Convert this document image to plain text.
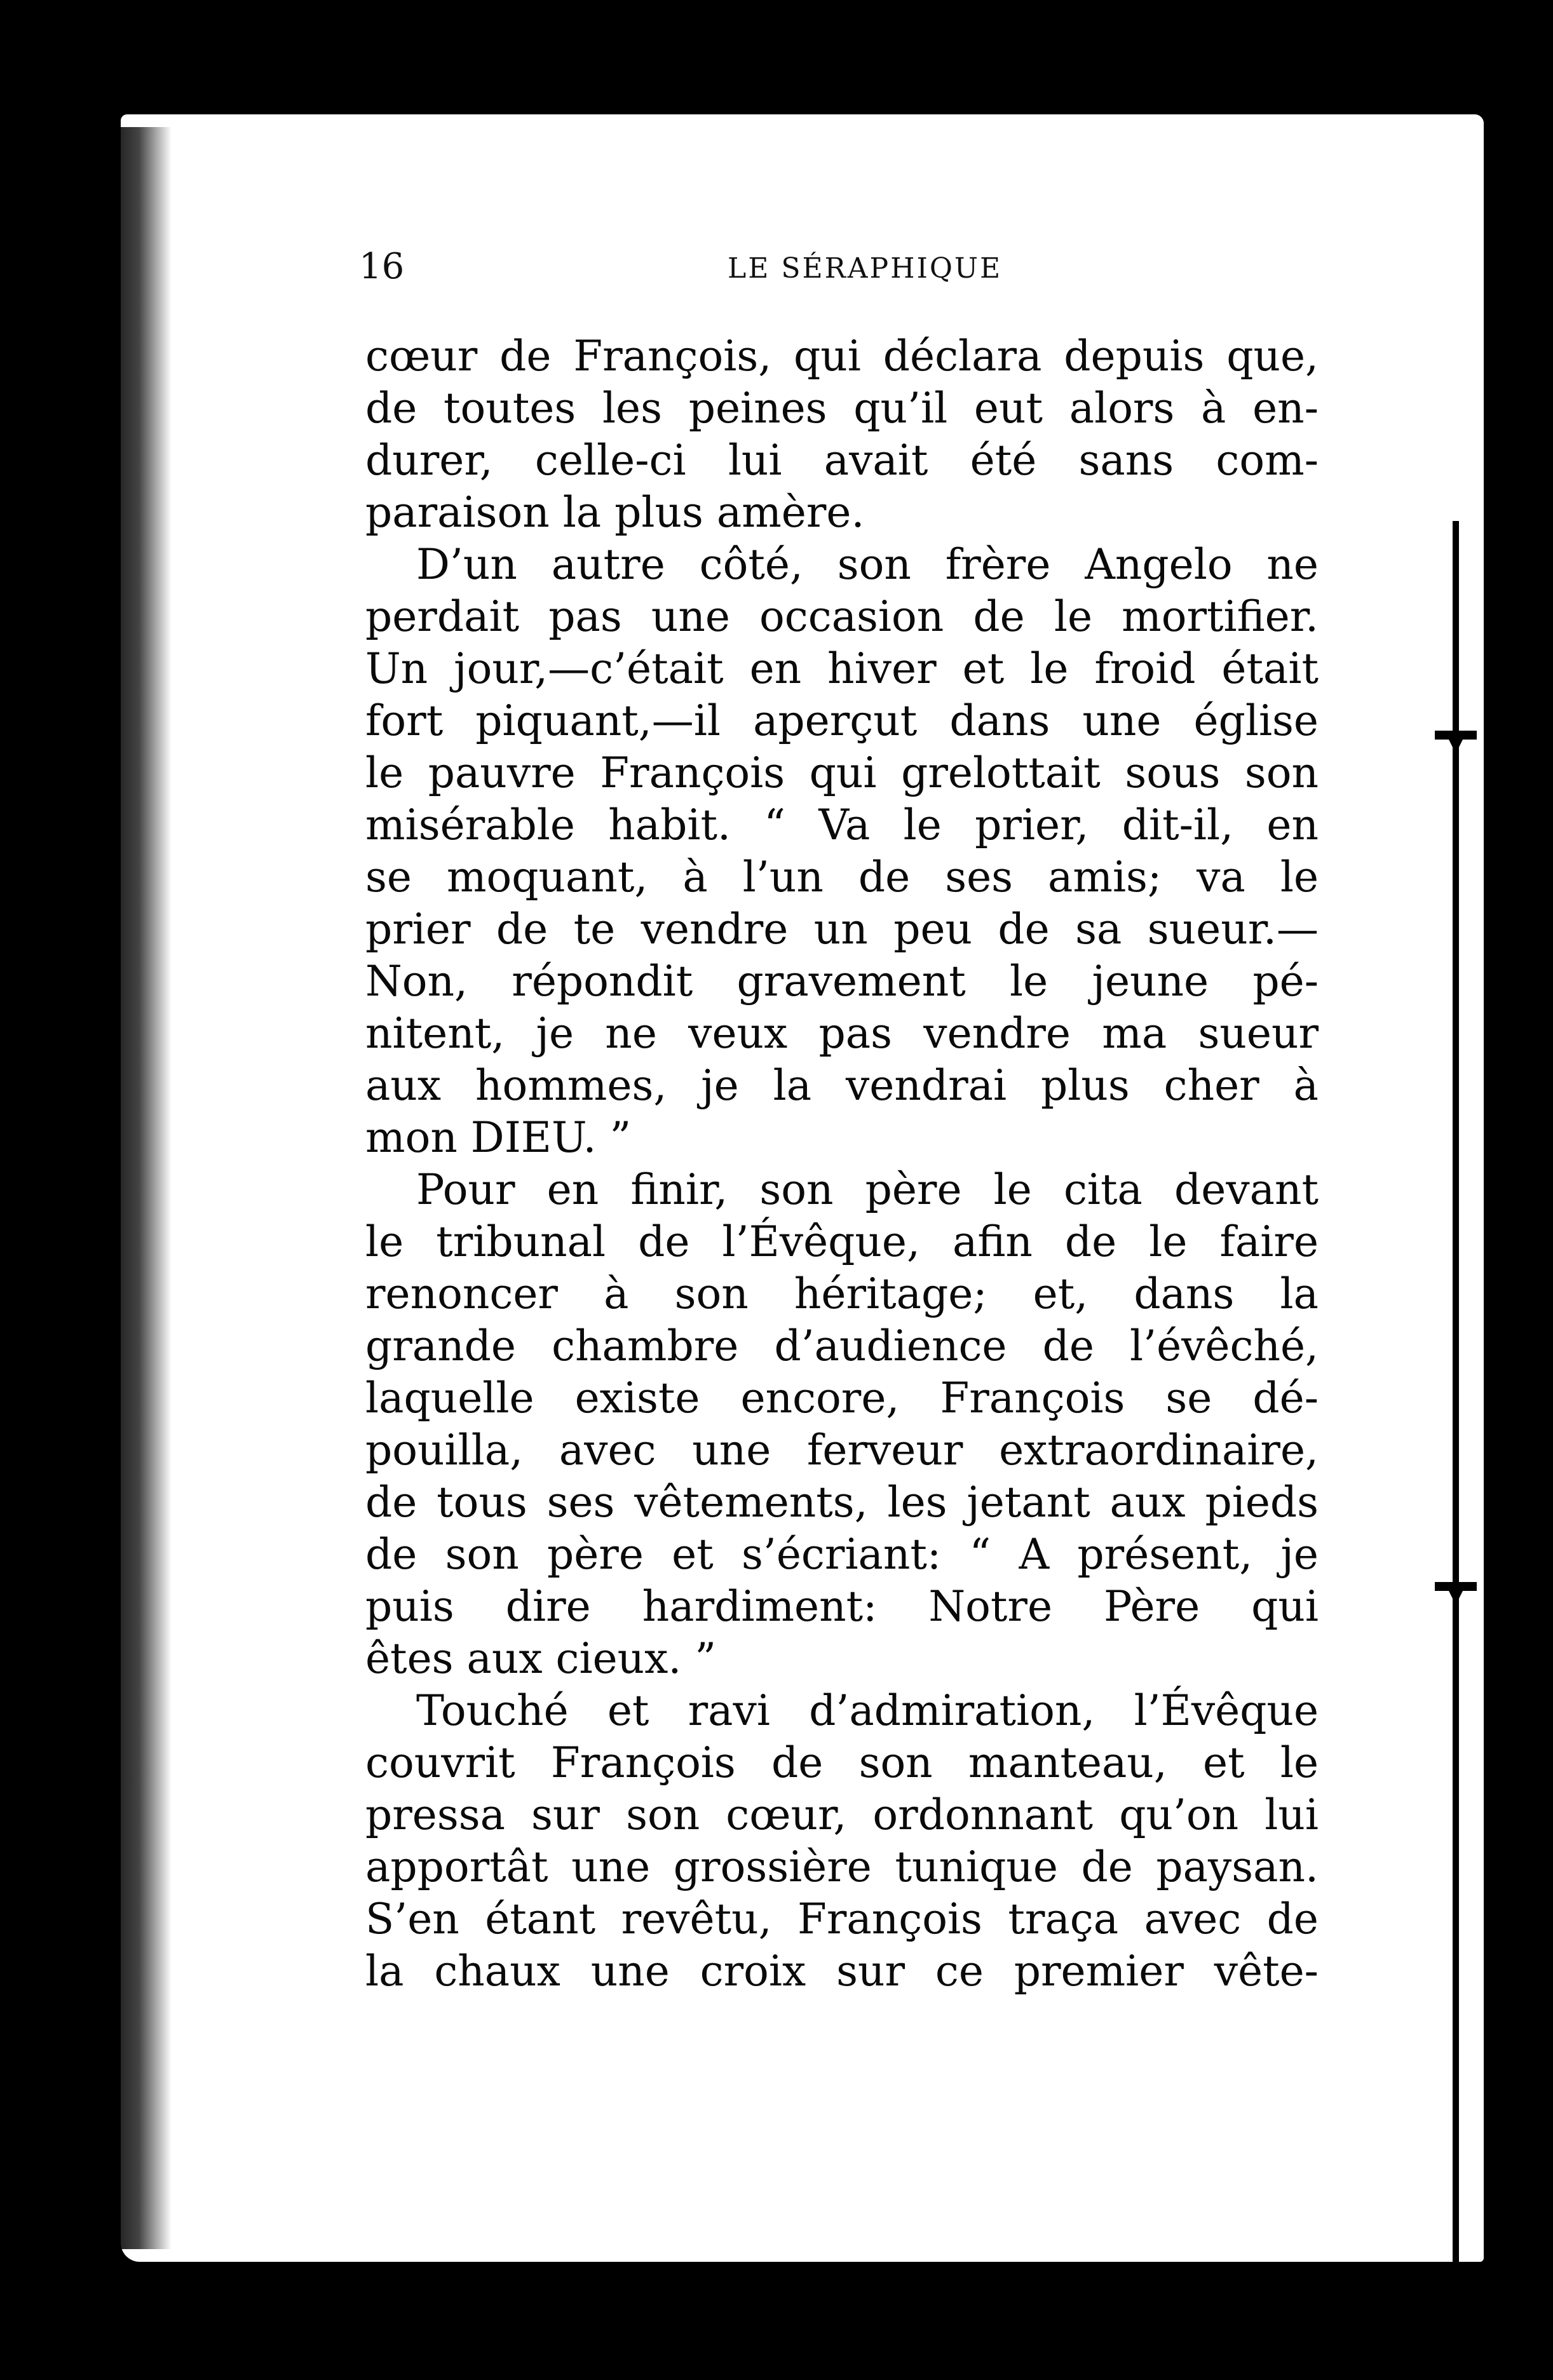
16	LE SÉRAPHIQUE
cœur de François, qui déclara depuis que,
de toutes les peines qu’il eut alors à en-
durer, celle-ci lui avait été sans com-
paraison la plus amère.
D’un autre côté, son frère Angelo ne
perdait pas une occasion de le mortifier.
Un jour,—c’était en hiver et le froid était
fort piquant,—il aperçut dans une église
le pauvre François qui grelottait sous son
misérable habit. “ Va le prier, dit-il, en
se moquant, à l’un de ses amis; va le
prier de te vendre un peu de sa sueur.—
Non, répondit gravement le jeune pé-
nitent, je ne veux pas vendre ma sueur
aux hommes, je la vendrai plus cher à
mon DIEU. ”
Pour en finir, son père le cita devant
le tribunal de l’Évêque, afin de le faire
renoncer à son héritage; et, dans la
grande chambre d’audience de l’évêché,
laquelle existe encore, François se dé-
pouilla, avec une ferveur extraordinaire,
de tous ses vêtements, les jetant aux pieds
de son père et s’écriant: “ A présent, je
puis dire hardiment: Notre Père qui
êtes aux cieux. ”
Touché et ravi d’admiration, l’Évêque
couvrit François de son manteau, et le
pressa sur son cœur, ordonnant qu’on lui
apportât une grossière tunique de paysan.
S’en étant revêtu, François traça avec de
la chaux une croix sur ce premier vête-
